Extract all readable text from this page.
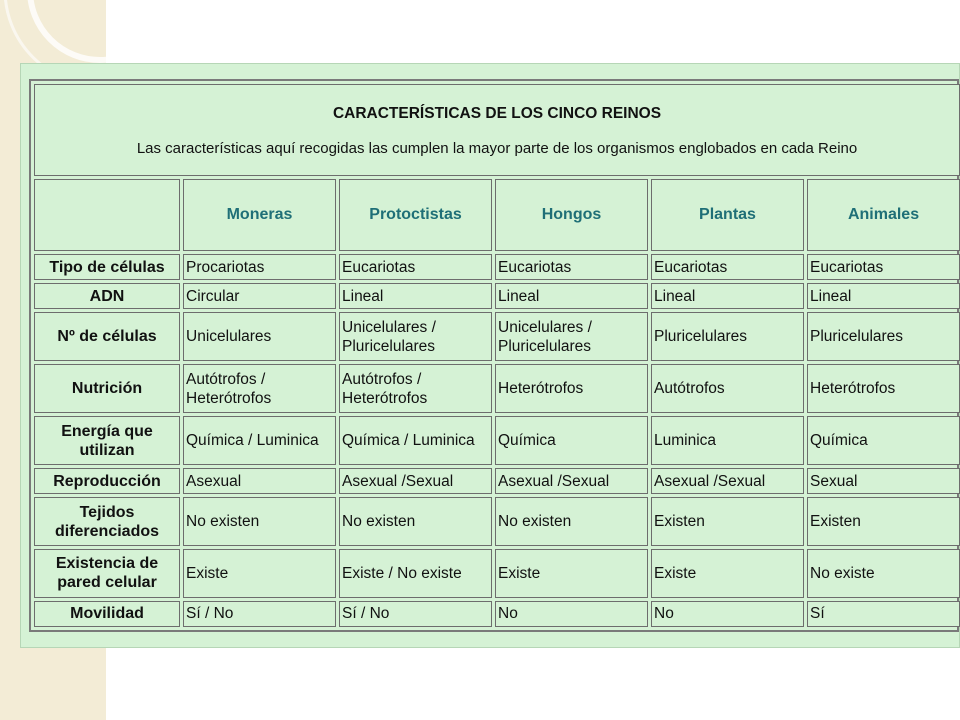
CARACTERÍSTICAS DE LOS CINCO REINOS
Las características aquí recogidas las cumplen la mayor parte de los organismos englobados en cada Reino					

	Moneras	Protoctistas	Hongos	Plantas	Animales
Tipo de células	Procariotas	Eucariotas	Eucariotas	Eucariotas	Eucariotas
ADN	Circular	Lineal	Lineal	Lineal	Lineal
Nº de células	Unicelulares	Unicelulares / Pluricelulares	Unicelulares / Pluricelulares	Pluricelulares	Pluricelulares
Nutrición	Autótrofos / Heterótrofos	Autótrofos / Heterótrofos	Heterótrofos	Autótrofos	Heterótrofos
Energía que utilizan	Química / Luminica	Química / Luminica	Química	Luminica	Química
Reproducción	Asexual	Asexual /Sexual	Asexual /Sexual	Asexual /Sexual	Sexual
Tejidos diferenciados	No existen	No existen	No existen	Existen	Existen
Existencia de pared celular	Existe	Existe / No existe	Existe	Existe	No existe
Movilidad	Sí / No	Sí / No	No	No	Sí
